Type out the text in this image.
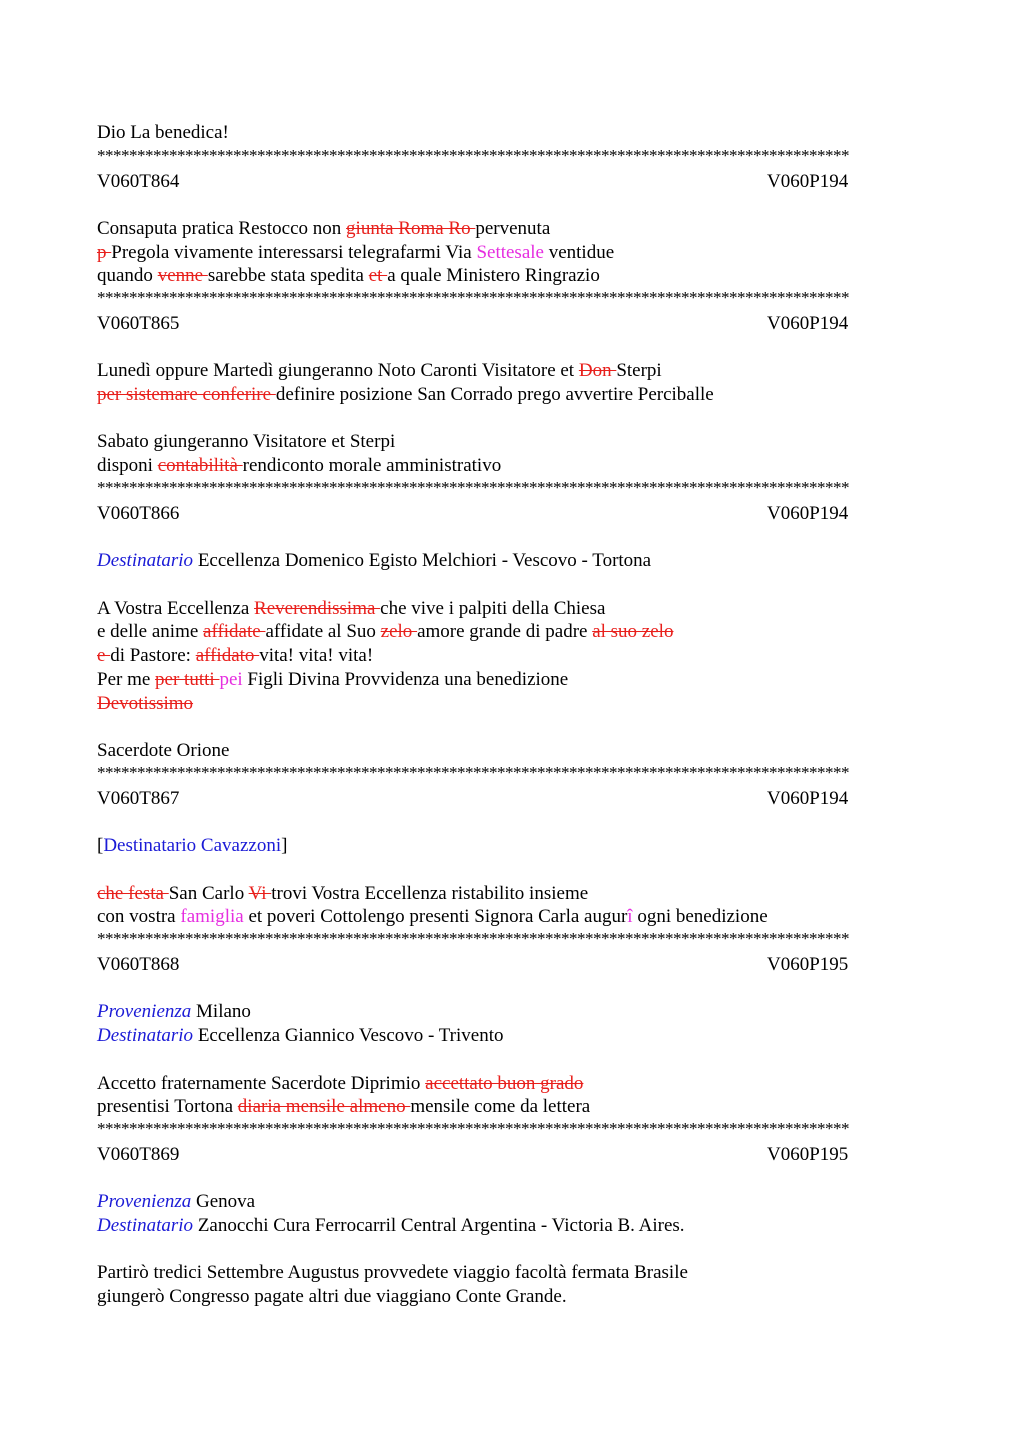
Dio La benedica!
**********************************************************************************************
V060T864	V060P194
Consaputa pratica Restocco non giunta Roma Ro pervenuta
p Pregola vivamente interessarsi telegrafarmi Via Settesale ventidue
quando venne sarebbe stata spedita et a quale Ministero Ringrazio
**********************************************************************************************
V060T865	V060P194
Lunedì oppure Martedì giungeranno Noto Caronti Visitatore et Don Sterpi
per sistemare conferire definire posizione San Corrado prego avvertire Perciballe
Sabato giungeranno Visitatore et Sterpi
disponi contabilità rendiconto morale amministrativo
**********************************************************************************************
V060T866	V060P194
Destinatario Eccellenza Domenico Egisto Melchiori - Vescovo - Tortona
A Vostra Eccellenza Reverendissima che vive i palpiti della Chiesa
e delle anime affidate affidate al Suo zelo amore grande di padre al suo zelo
e di Pastore: affidato vita! vita! vita!
Per me per tutti pei Figli Divina Provvidenza una benedizione
Devotissimo
Sacerdote Orione
**********************************************************************************************
V060T867	V060P194
[Destinatario Cavazzoni]
che festa San Carlo Vi trovi Vostra Eccellenza ristabilito insieme
con vostra famiglia et poveri Cottolengo presenti Signora Carla augurî ogni benedizione
**********************************************************************************************
V060T868	V060P195
Provenienza Milano
Destinatario Eccellenza Giannico Vescovo - Trivento
Accetto fraternamente Sacerdote Diprimio accettato buon grado
presentisi Tortona diaria mensile almeno mensile come da lettera
**********************************************************************************************
V060T869	V060P195
Provenienza Genova
Destinatario Zanocchi Cura Ferrocarril Central Argentina - Victoria B. Aires.
Partirò tredici Settembre Augustus provvedete viaggio facoltà fermata Brasile
giungerò Congresso pagate altri due viaggiano Conte Grande.
